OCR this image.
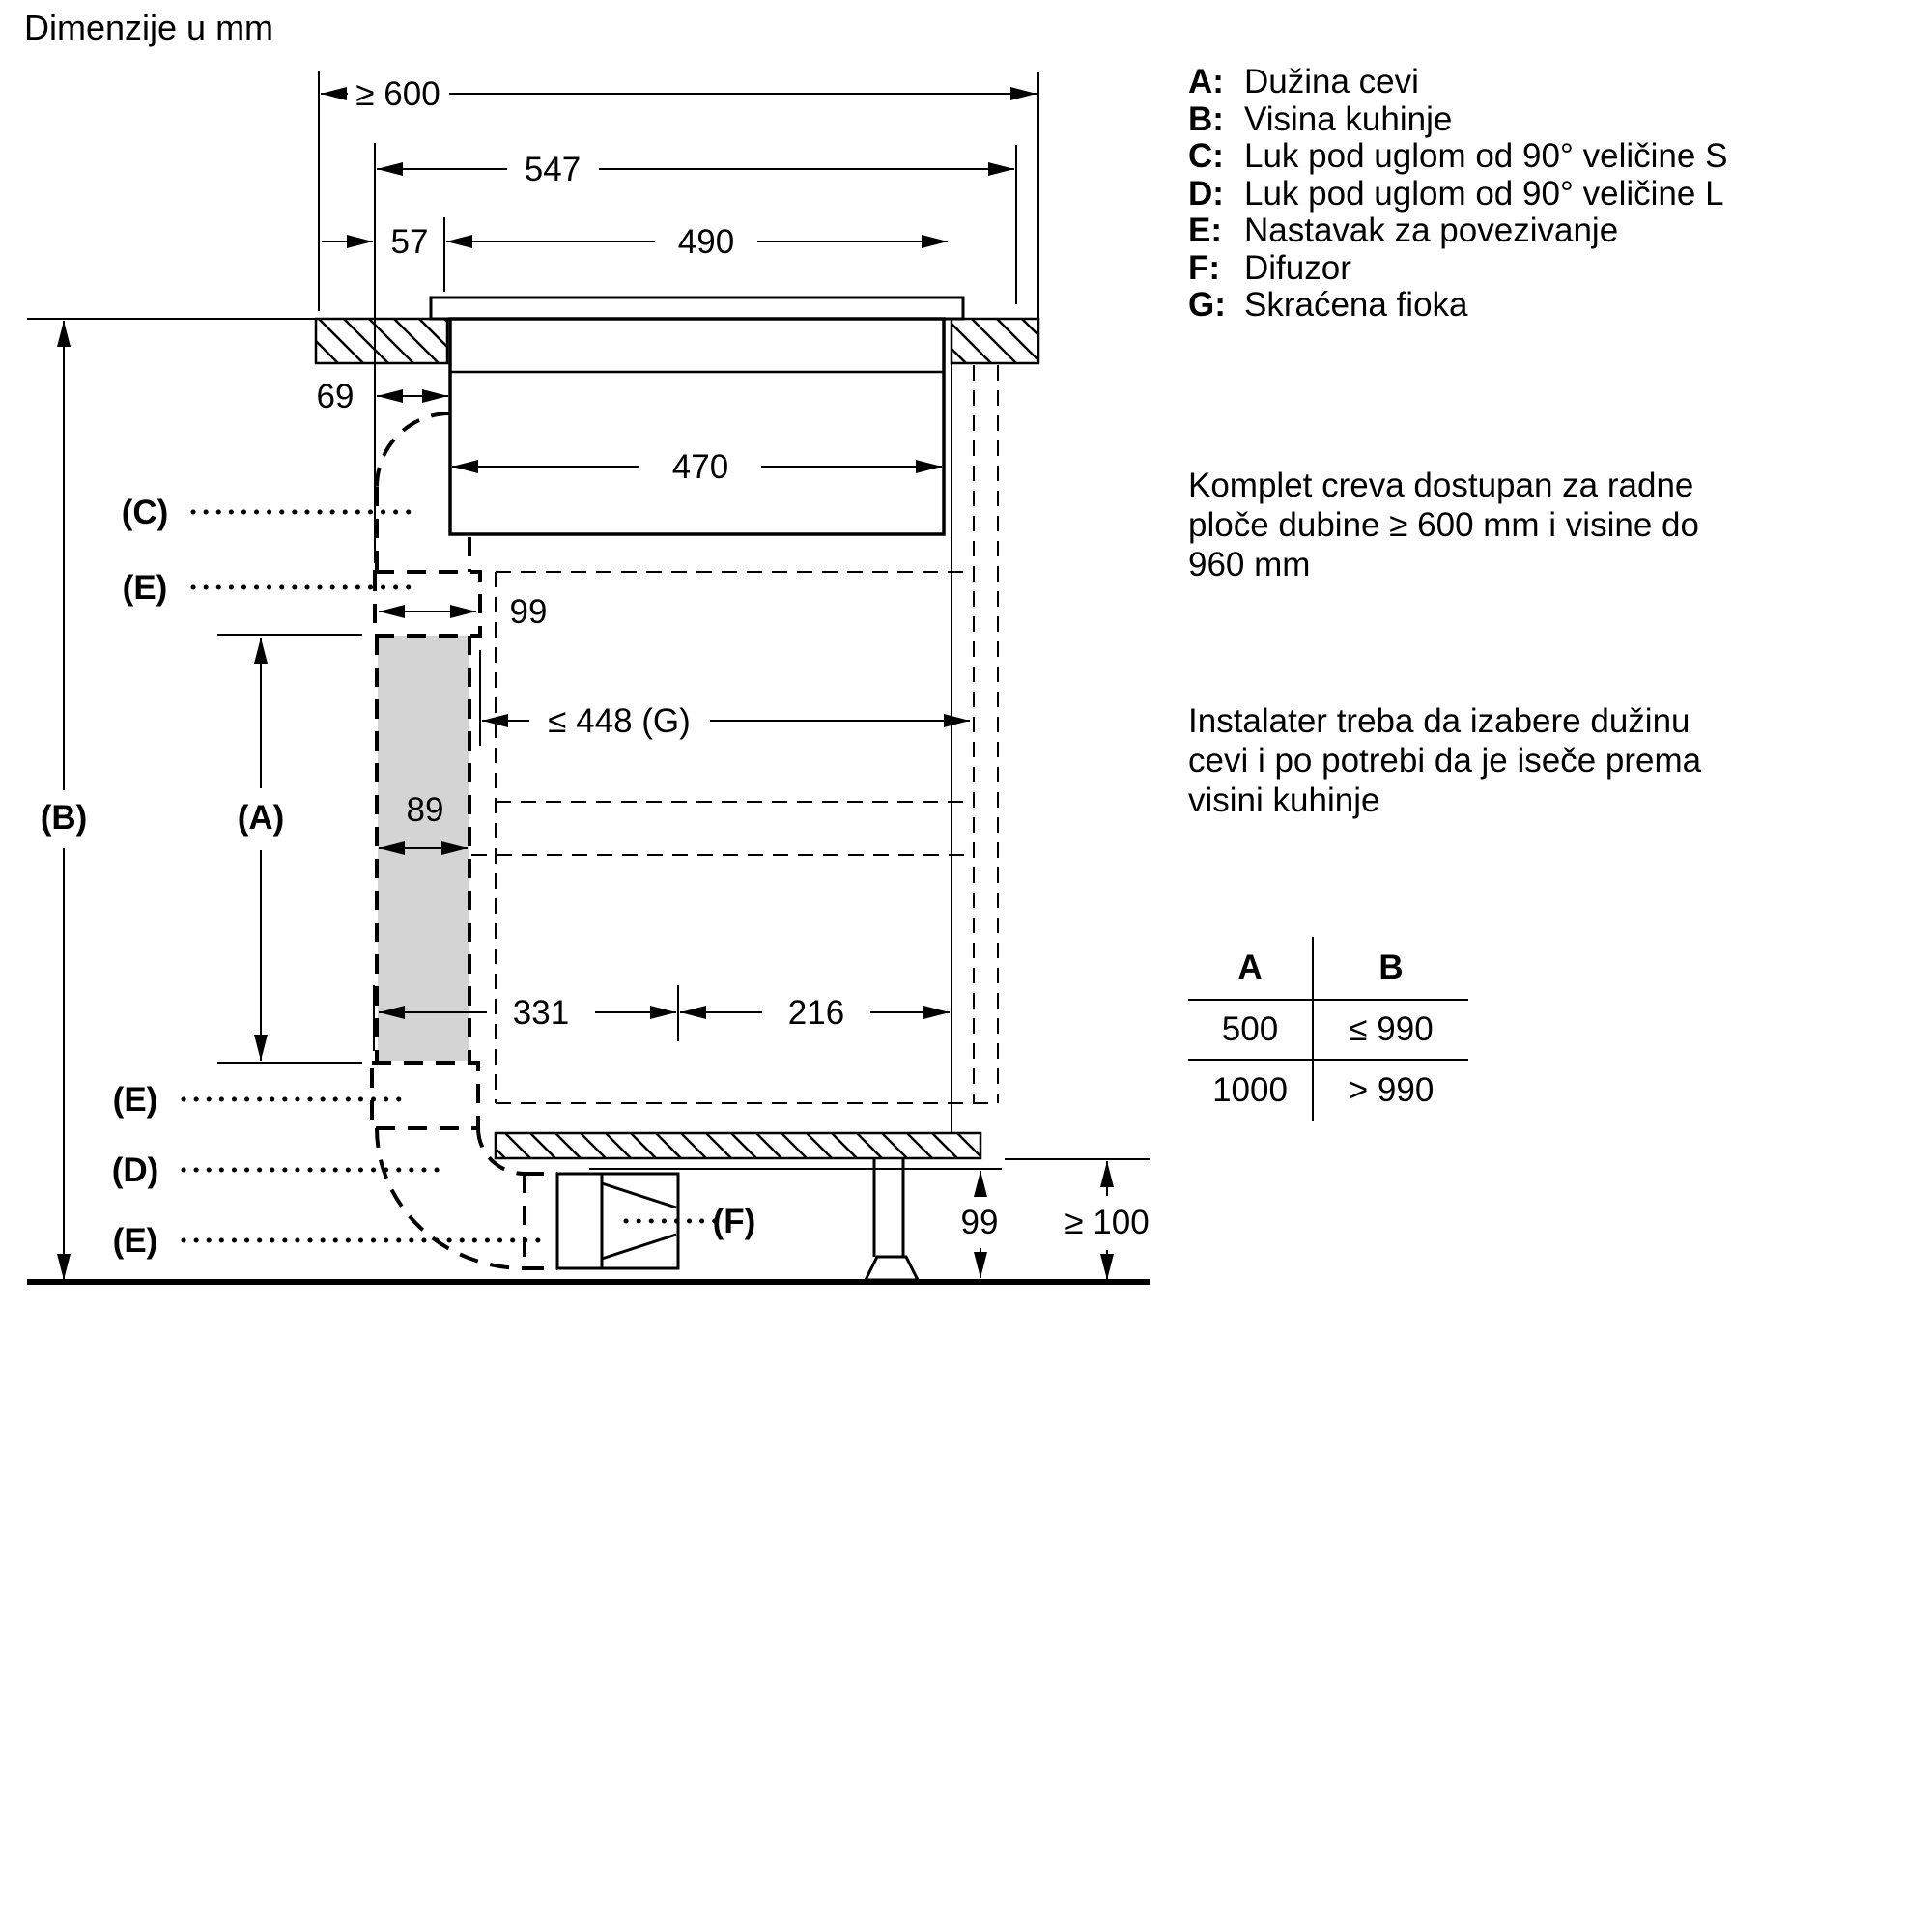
≥ 600
547
57	490
69
470
99
≤ 448 (G)
89
331	216
99 ≥ 100
(B)	(A)
(C)
(E)
(E)
(D)
(E)
(F)
Dimenzije u mm
A: Dužina cevi
B: Visina kuhinje
C: Luk pod uglom od 90° veličine S
D: Luk pod uglom od 90° veličine L
E: Nastavak za povezivanje
F: Difuzor
G: Skraćena fioka
Komplet creva dostupan za radne
ploče dubine ≥ 600 mm i visine do
960 mm
Instalater treba da izabere dužinu
cevi i po potrebi da je iseče prema
visini kuhinje
A	B
500	≤ 990
1000	> 990
